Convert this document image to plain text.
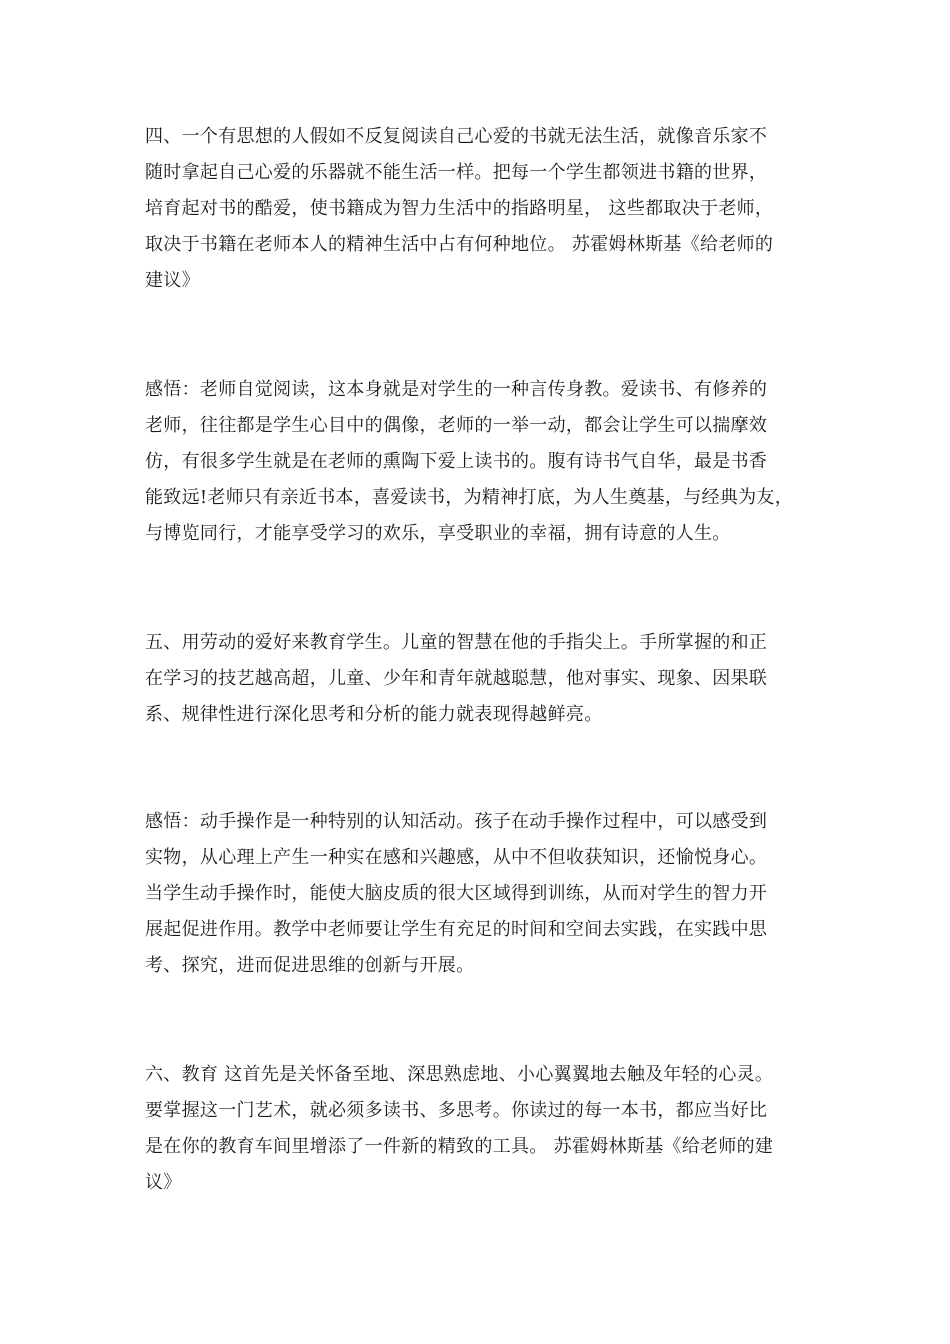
四、一个有思想的人假如不反复阅读自己心爱的书就无法生活，就像音乐家不
随时拿起自己心爱的乐器就不能生活一样。把每一个学生都领进书籍的世界，
培育起对书的酷爱，使书籍成为智力生活中的指路明星， 这些都取决于老师，
取决于书籍在老师本人的精神生活中占有何种地位。 苏霍姆林斯基《给老师的
建议》
感悟：老师自觉阅读，这本身就是对学生的一种言传身教。爱读书、有修养的
老师，往往都是学生心目中的偶像，老师的一举一动，都会让学生可以揣摩效
仿，有很多学生就是在老师的熏陶下爱上读书的。腹有诗书气自华，最是书香
能致远!老师只有亲近书本，喜爱读书，为精神打底，为人生奠基，与经典为友，
与博览同行，才能享受学习的欢乐，享受职业的幸福，拥有诗意的人生。
五、用劳动的爱好来教育学生。儿童的智慧在他的手指尖上。手所掌握的和正
在学习的技艺越高超，儿童、少年和青年就越聪慧，他对事实、现象、因果联
系、规律性进行深化思考和分析的能力就表现得越鲜亮。
感悟：动手操作是一种特别的认知活动。孩子在动手操作过程中，可以感受到
实物，从心理上产生一种实在感和兴趣感，从中不但收获知识，还愉悦身心。
当学生动手操作时，能使大脑皮质的很大区域得到训练，从而对学生的智力开
展起促进作用。教学中老师要让学生有充足的时间和空间去实践，在实践中思
考、探究，进而促进思维的创新与开展。
六、教育 这首先是关怀备至地、深思熟虑地、小心翼翼地去触及年轻的心灵。
要掌握这一门艺术，就必须多读书、多思考。你读过的每一本书，都应当好比
是在你的教育车间里增添了一件新的精致的工具。 苏霍姆林斯基《给老师的建
议》
